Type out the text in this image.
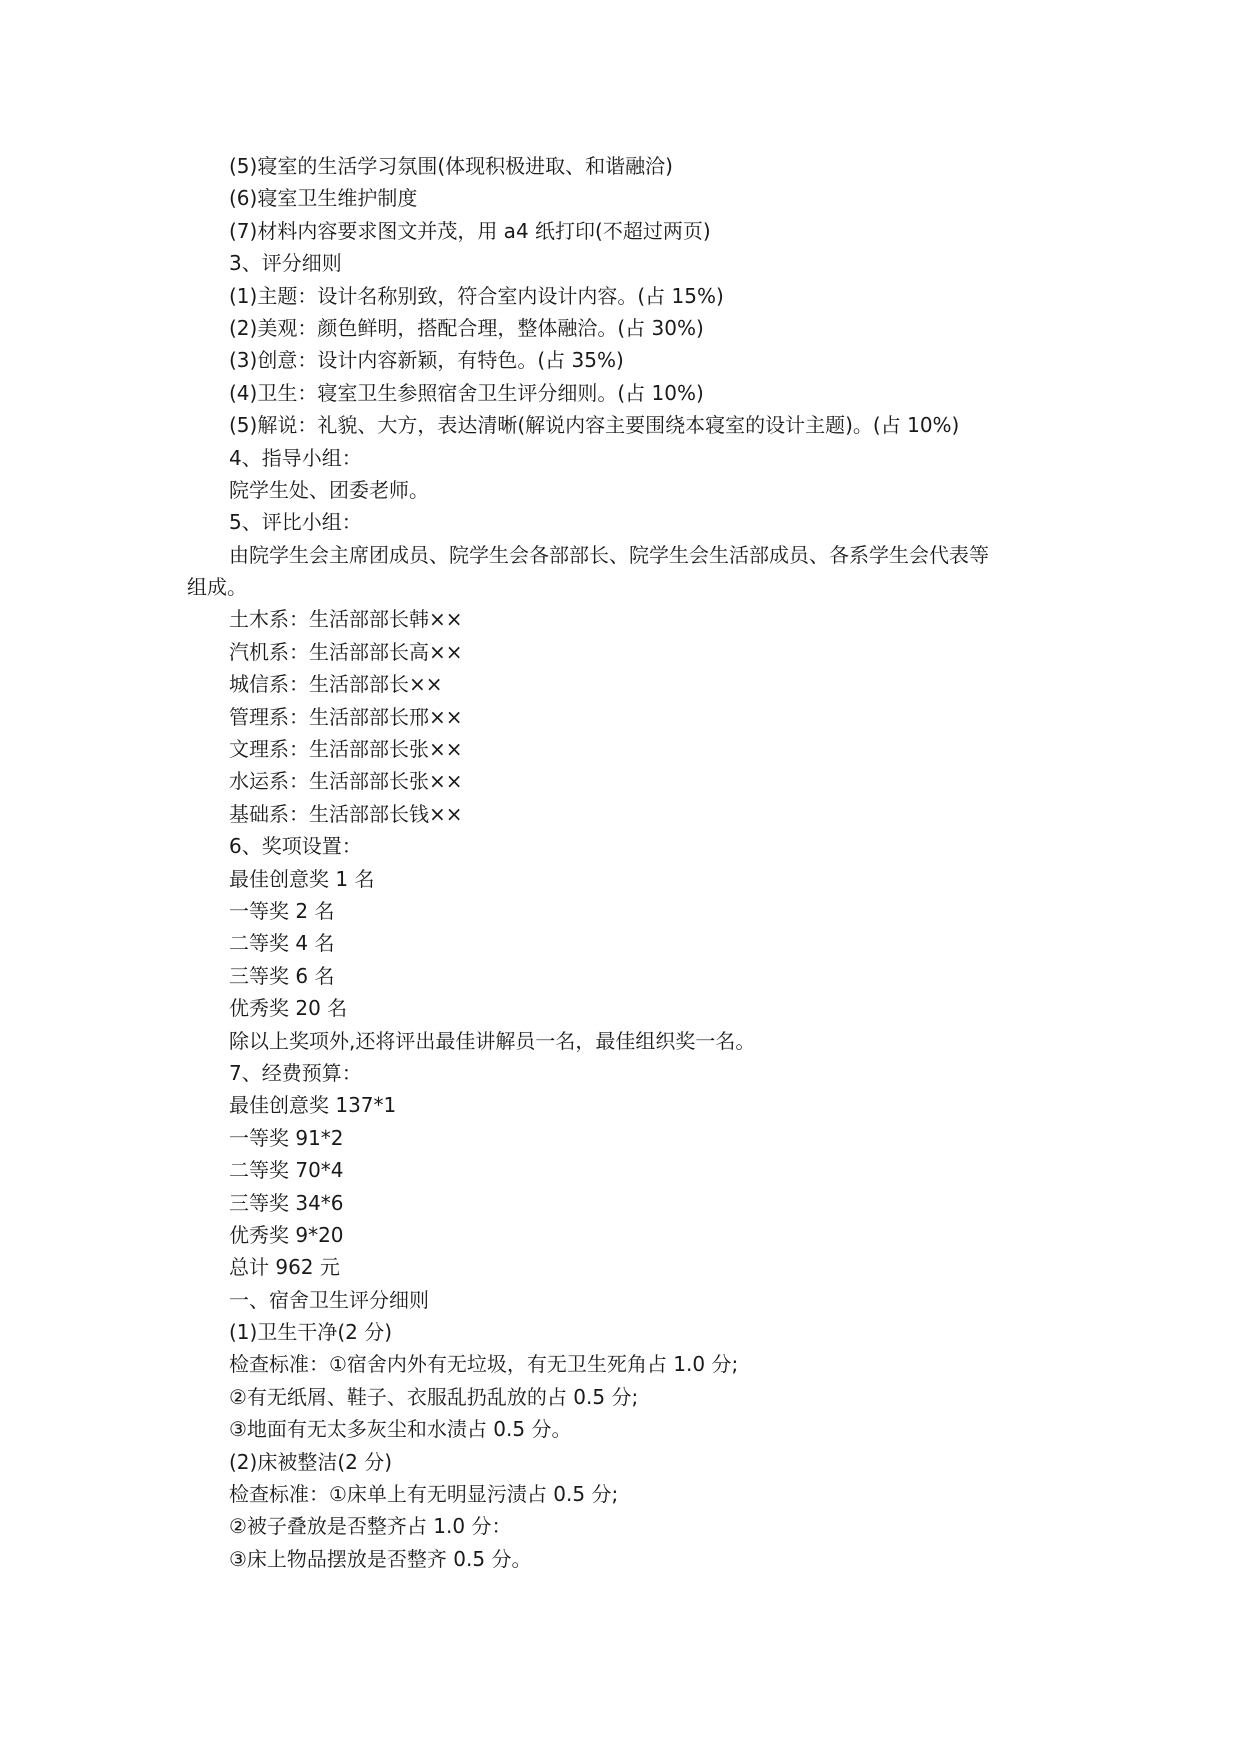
(5)寝室的生活学习氛围(体现积极进取、和谐融洽)
(6)寝室卫生维护制度
(7)材料内容要求图文并茂，用 a4 纸打印(不超过两页)
3、评分细则
(1)主题：设计名称别致，符合室内设计内容。(占 15%)
(2)美观：颜色鲜明，搭配合理，整体融洽。(占 30%)
(3)创意：设计内容新颖，有特色。(占 35%)
(4)卫生：寝室卫生参照宿舍卫生评分细则。(占 10%)
(5)解说：礼貌、大方，表达清晰(解说内容主要围绕本寝室的设计主题)。(占 10%)
4、指导小组：
院学生处、团委老师。
5、评比小组：
由院学生会主席团成员、院学生会各部部长、院学生会生活部成员、各系学生会代表等
组成。
土木系：生活部部长韩××
汽机系：生活部部长高××
城信系：生活部部长××
管理系：生活部部长邢××
文理系：生活部部长张××
水运系：生活部部长张××
基础系：生活部部长钱××
6、奖项设置：
最佳创意奖 1 名
一等奖 2 名
二等奖 4 名
三等奖 6 名
优秀奖 20 名
除以上奖项外,还将评出最佳讲解员一名，最佳组织奖一名。
7、经费预算：
最佳创意奖 137*1
一等奖 91*2
二等奖 70*4
三等奖 34*6
优秀奖 9*20
总计 962 元
一、宿舍卫生评分细则
(1)卫生干净(2 分)
检查标准：①宿舍内外有无垃圾，有无卫生死角占 1.0 分;
②有无纸屑、鞋子、衣服乱扔乱放的占 0.5 分;
③地面有无太多灰尘和水渍占 0.5 分。
(2)床被整洁(2 分)
检查标准：①床单上有无明显污渍占 0.5 分;
②被子叠放是否整齐占 1.0 分：
③床上物品摆放是否整齐 0.5 分。
